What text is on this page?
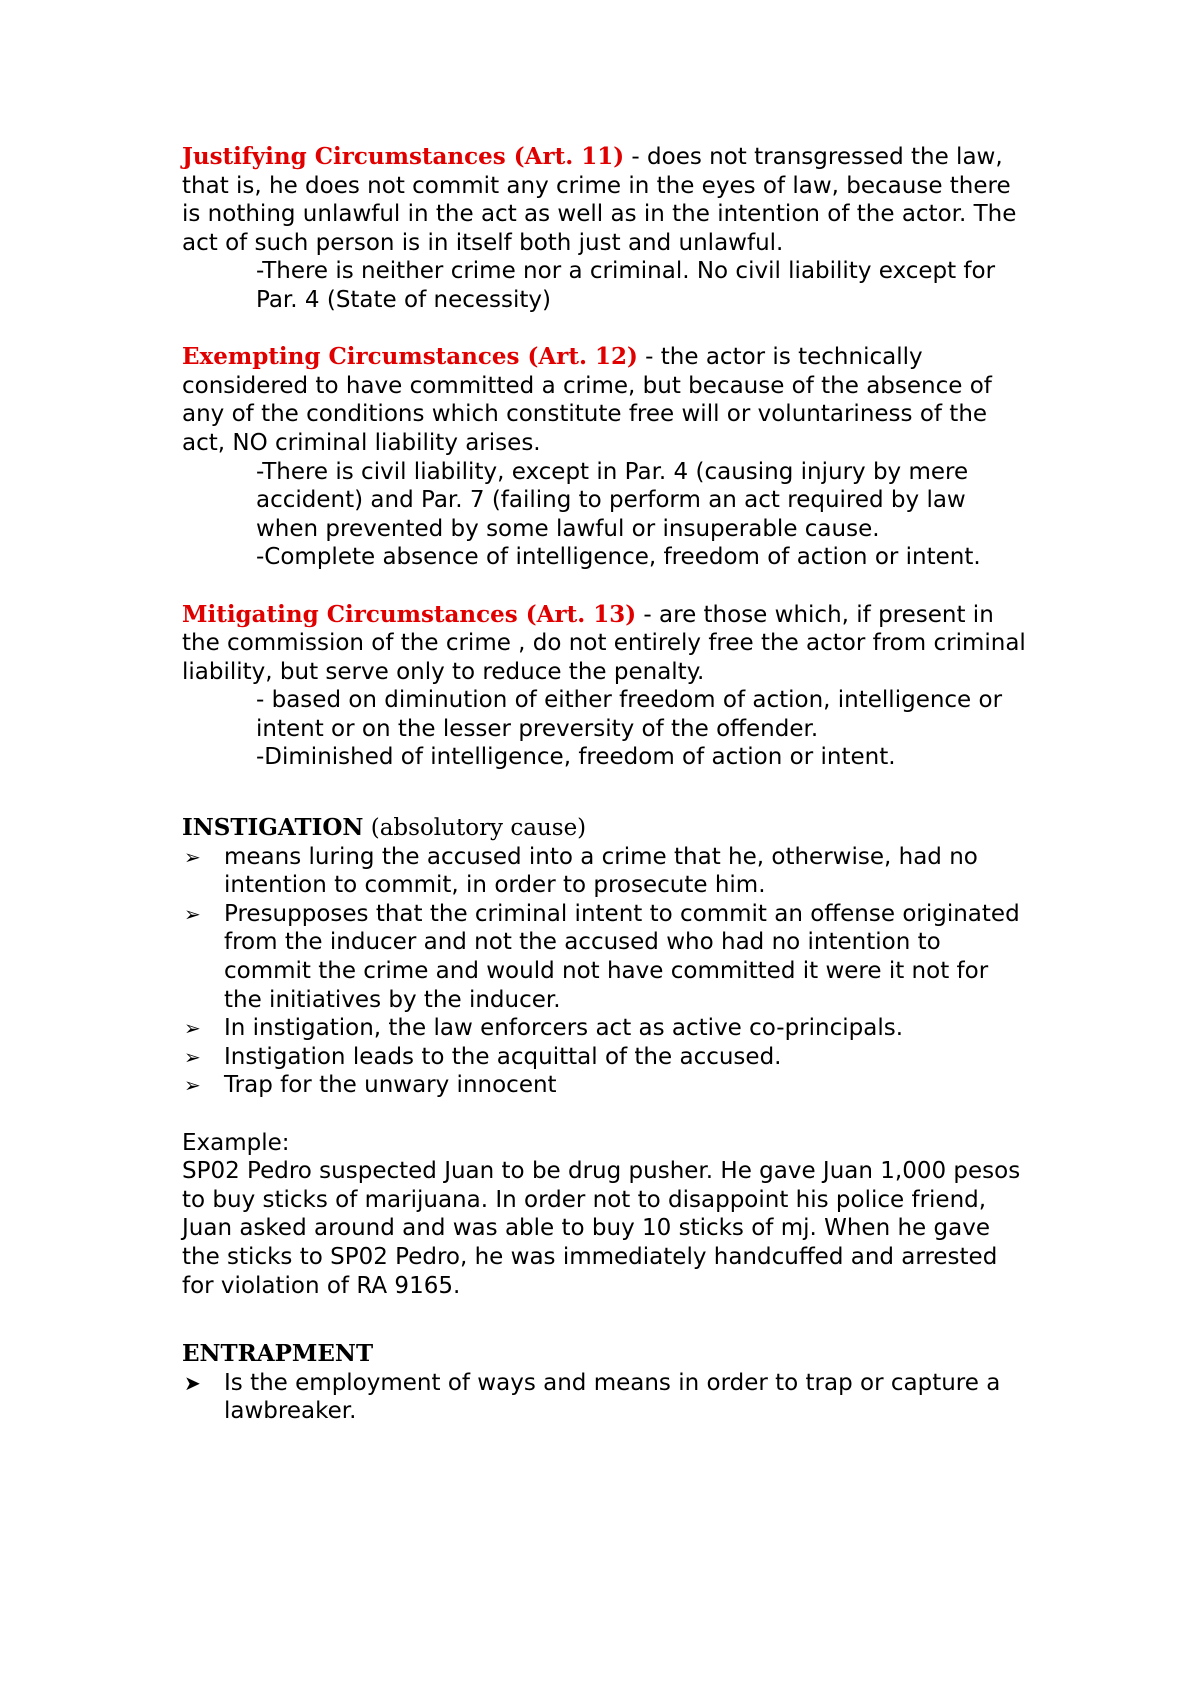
Justifying Circumstances (Art. 11) - does not transgressed the law, that is, he does not commit any crime in the eyes of law, because there is nothing unlawful in the act as well as in the intention of the actor. The act of such person is in itself both just and unlawful.

-There is neither crime nor a criminal. No civil liability except for Par. 4 (State of necessity)

Exempting Circumstances (Art. 12) - the actor is technically considered to have committed a crime, but because of the absence of any of the conditions which constitute free will or voluntariness of the act, NO criminal liability arises.

-There is civil liability, except in Par. 4 (causing injury by mere accident) and Par. 7 (failing to perform an act required by law when prevented by some lawful or insuperable cause.

-Complete absence of intelligence, freedom of action or intent.

Mitigating Circumstances (Art. 13) - are those which, if present in the commission of the crime , do not entirely free the actor from criminal liability, but serve only to reduce the penalty.

- based on diminution of either freedom of action, intelligence or intent or on the lesser preversity of the offender.

-Diminished of intelligence, freedom of action or intent.

INSTIGATION (absolutory cause)

➢ means luring the accused into a crime that he, otherwise, had no intention to commit, in order to prosecute him.
➢ Presupposes that the criminal intent to commit an offense originated from the inducer and not the accused who had no intention to commit the crime and would not have committed it were it not for the initiatives by the inducer.
➢ In instigation, the law enforcers act as active co-principals.
➢ Instigation leads to the acquittal of the accused.
➢ Trap for the unwary innocent

Example:

SP02 Pedro suspected Juan to be drug pusher. He gave Juan 1,000 pesos to buy sticks of marijuana. In order not to disappoint his police friend, Juan asked around and was able to buy 10 sticks of mj. When he gave the sticks to SP02 Pedro, he was immediately handcuffed and arrested for violation of RA 9165.

ENTRAPMENT

➤ Is the employment of ways and means in order to trap or capture a lawbreaker.
